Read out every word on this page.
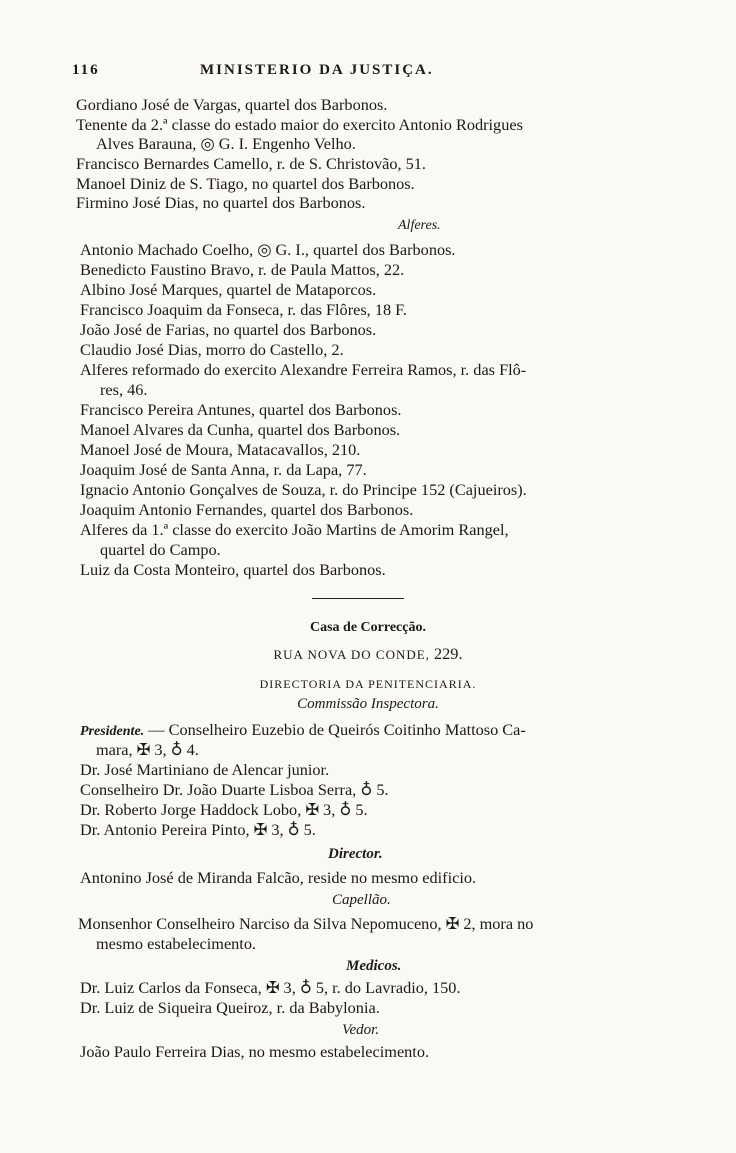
116	MINISTERIO DA JUSTIÇA.
Gordiano José de Vargas, quartel dos Barbonos.
Tenente da 2.ª classe do estado maior do exercito Antonio Rodrigues
Alves Barauna, ◎ G. I. Engenho Velho.
Francisco Bernardes Camello, r. de S. Christovão, 51.
Manoel Diniz de S. Tiago, no quartel dos Barbonos.
Firmino José Dias, no quartel dos Barbonos.
Alferes.
Antonio Machado Coelho, ◎ G. I., quartel dos Barbonos.
Benedicto Faustino Bravo, r. de Paula Mattos, 22.
Albino José Marques, quartel de Mataporcos.
Francisco Joaquim da Fonseca, r. das Flôres, 18 F.
João José de Farias, no quartel dos Barbonos.
Claudio José Dias, morro do Castello, 2.
Alferes reformado do exercito Alexandre Ferreira Ramos, r. das Flô-
res, 46.
Francisco Pereira Antunes, quartel dos Barbonos.
Manoel Alvares da Cunha, quartel dos Barbonos.
Manoel José de Moura, Matacavallos, 210.
Joaquim José de Santa Anna, r. da Lapa, 77.
Ignacio Antonio Gonçalves de Souza, r. do Principe 152 (Cajueiros).
Joaquim Antonio Fernandes, quartel dos Barbonos.
Alferes da 1.ª classe do exercito João Martins de Amorim Rangel,
quartel do Campo.
Luiz da Costa Monteiro, quartel dos Barbonos.
Casa de Correcção.
RUA NOVA DO CONDE, 229.
DIRECTORIA DA PENITENCIARIA.
Commissão Inspectora.
Presidente. — Conselheiro Euzebio de Queirós Coitinho Mattoso Ca-
mara, ✠ 3, ♁ 4.
Dr. José Martiniano de Alencar junior.
Conselheiro Dr. João Duarte Lisboa Serra, ♁ 5.
Dr. Roberto Jorge Haddock Lobo, ✠ 3, ♁ 5.
Dr. Antonio Pereira Pinto, ✠ 3, ♁ 5.
Director.
Antonino José de Miranda Falcão, reside no mesmo edificio.
Capellão.
Monsenhor Conselheiro Narciso da Silva Nepomuceno, ✠ 2, mora no
mesmo estabelecimento.
Medicos.
Dr. Luiz Carlos da Fonseca, ✠ 3, ♁ 5, r. do Lavradio, 150.
Dr. Luiz de Siqueira Queiroz, r. da Babylonia.
Vedor.
João Paulo Ferreira Dias, no mesmo estabelecimento.
